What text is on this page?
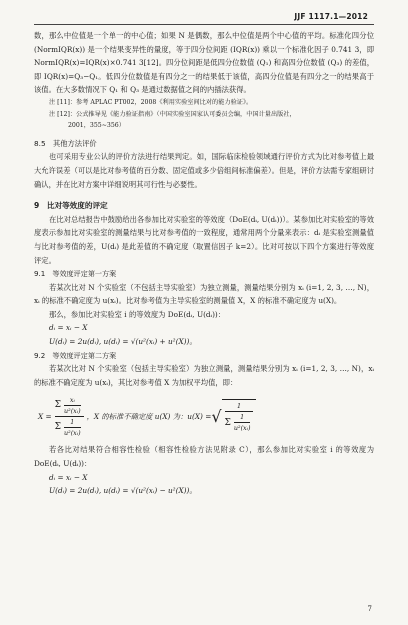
JJF 1117.1—2012

数，那么中位值是一个单一的中心值；如果 N 是偶数，那么中位值是两个中心值的平均。标准化四分位 (NormIQR(x)) 是一个结果变异性的量度，等于四分位间距 (IQR(x)) 乘以一个标准化因子 0.741 3，即 NormIQR(x)=IQR(x)×0.741 3[12]。四分位间距是低四分位数值 (Q₁) 和高四分位数值 (Q₃) 的差值，即 IQR(x)=Q₃−Q₁。低四分位数值是有四分之一的结果低于该值，高四分位值是有四分之一的结果高于该值。在大多数情况下 Q₁ 和 Q₃ 是通过数据值之间的内插法获得。

注 [11]：参考 APLAC PT002，2008《利用实验室间比对的能力验证》。

注 [12]：公式推导见《能力验证指南》（中国实验室国家认可委员会编，中国计量出版社，

2001，355~356）

8.5　其他方法评价

也可采用专业公认的评价方法进行结果判定。如，国际临床检验领域通行评价方式为比对参考值上最大允许误差（可以是比对参考值的百分数、固定值或多少倍组间标准偏差）。但是，评价方法需专家组研讨确认，并在比对方案中详细说明其可行性与必要性。

9　比对等效度的评定

在比对总结报告中鼓励给出各参加比对实验室的等效度（DoE(dᵢ, U(dᵢ))）。某参加比对实验室的等效度表示参加比对实验室的测量结果与比对参考值的一致程度，通常用两个分量来表示：dᵢ 是实验室测量值与比对参考值的差，U(dᵢ) 是此差值的不确定度（取置信因子 k=2）。比对可按以下四个方案进行等效度评定。

9.1　等效度评定第一方案

若某次比对 N 个实验室（不包括主导实验室）为独立测量，测量结果分别为 xᵢ (i=1, 2, 3, …, N)，xᵢ 的标准不确定度为 u(xᵢ)。比对参考值为主导实验室的测量值 X，X 的标准不确定度为 u(X)。

那么，参加比对实验室 i 的等效度为 DoE(dᵢ, U(dᵢ))：

dᵢ = xᵢ − X

U(dᵢ) = 2u(dᵢ), u(dᵢ) = √(u²(xᵢ) + u²(X))。

9.2　等效度评定第二方案

若某次比对 N 个实验室（包括主导实验室）为独立测量，测量结果分别为 xᵢ (i=1, 2, 3, …, N)，xᵢ 的标准不确定度为 u(xᵢ)，其比对参考值 X 为加权平均值，即：

$X = \frac{\Sigma \frac{\text{xᵢ}}{\text{u²(xᵢ)}}}{\Sigma \frac{1}{\text{u²(xᵢ)}}}$ ，X 的标准不确定度 u(X) 为：u(X) = √ $\frac{1}{\Sigma \frac{1}{\text{u²(xᵢ)}}}$

若各比对结果符合相容性检验（相容性检验方法见附录 C），那么参加比对实验室 i 的等效度为 DoE(dᵢ, U(dᵢ))：

dᵢ = xᵢ − X

U(dᵢ) = 2u(dᵢ), u(dᵢ) = √(u²(xᵢ) − u²(X))。

7
